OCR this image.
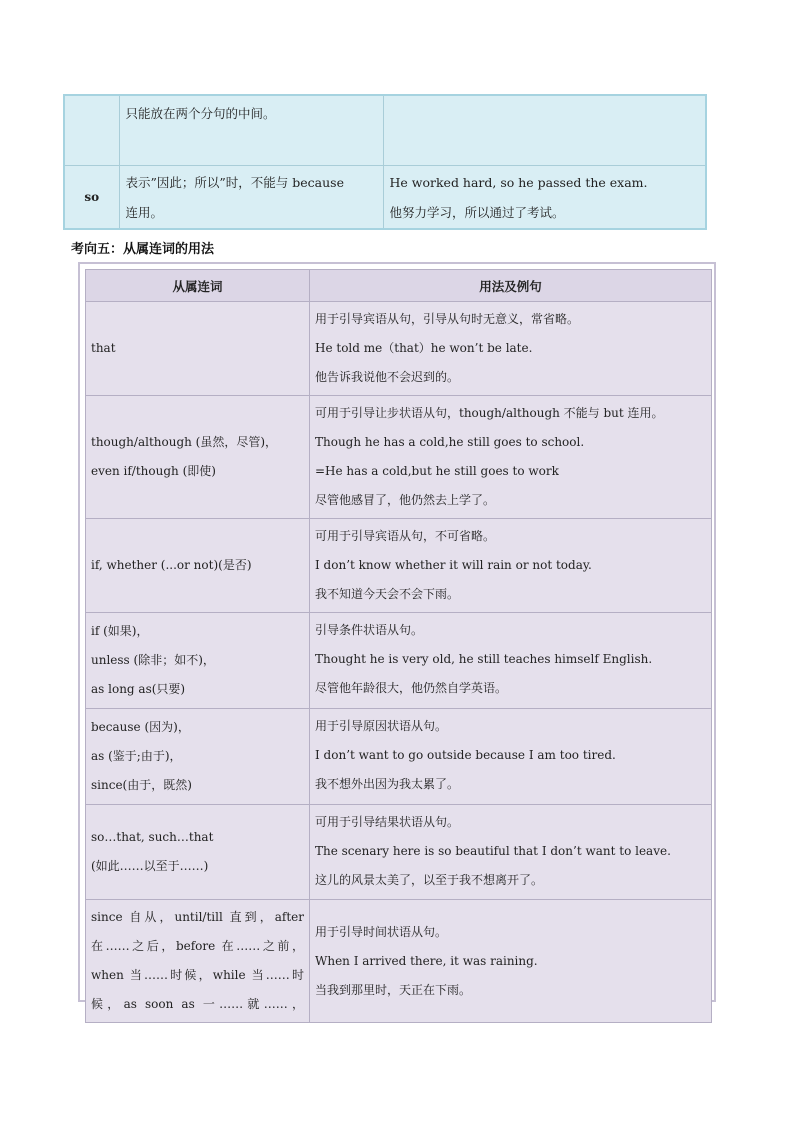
	只能放在两个分句的中间。	

so	表示”因此；所以”时，不能与 because
连用。	He worked hard, so he passed the exam.
他努力学习，所以通过了考试。
考向五：从属连词的用法
从属连词	用法及例句

that	用于引导宾语从句，引导从句时无意义，常省略。
He told me（that）he won’t be late.
他告诉我说他不会迟到的。

though/although (虽然，尽管)，
even if/though (即使)	可用于引导让步状语从句，though/although 不能与 but 连用。
Though he has a cold,he still goes to school.
=He has a cold,but he still goes to work
尽管他感冒了，他仍然去上学了。

if, whether (...or not)(是否)	可用于引导宾语从句，不可省略。
I don’t know whether it will rain or not today.
我不知道今天会不会下雨。

if (如果)，
unless (除非；如不)，
as long as(只要)	引导条件状语从句。
Thought he is very old, he still teaches himself English.
尽管他年龄很大，他仍然自学英语。

because (因为)，
as (鉴于;由于)，
since(由于，既然)	用于引导原因状语从句。
I don’t want to go outside because I am too tired.
我不想外出因为我太累了。

so…that, such…that
(如此……以至于……)	可用于引导结果状语从句。
The scenary here is so beautiful that I don’t want to leave.
这儿的风景太美了，以至于我不想离开了。

since 自从，until/till 直到，after
在……之后，before 在……之前，
when 当……时候，while 当……时
候，as soon as 一……就……，	用于引导时间状语从句。
When I arrived there, it was raining.
当我到那里时，天正在下雨。
